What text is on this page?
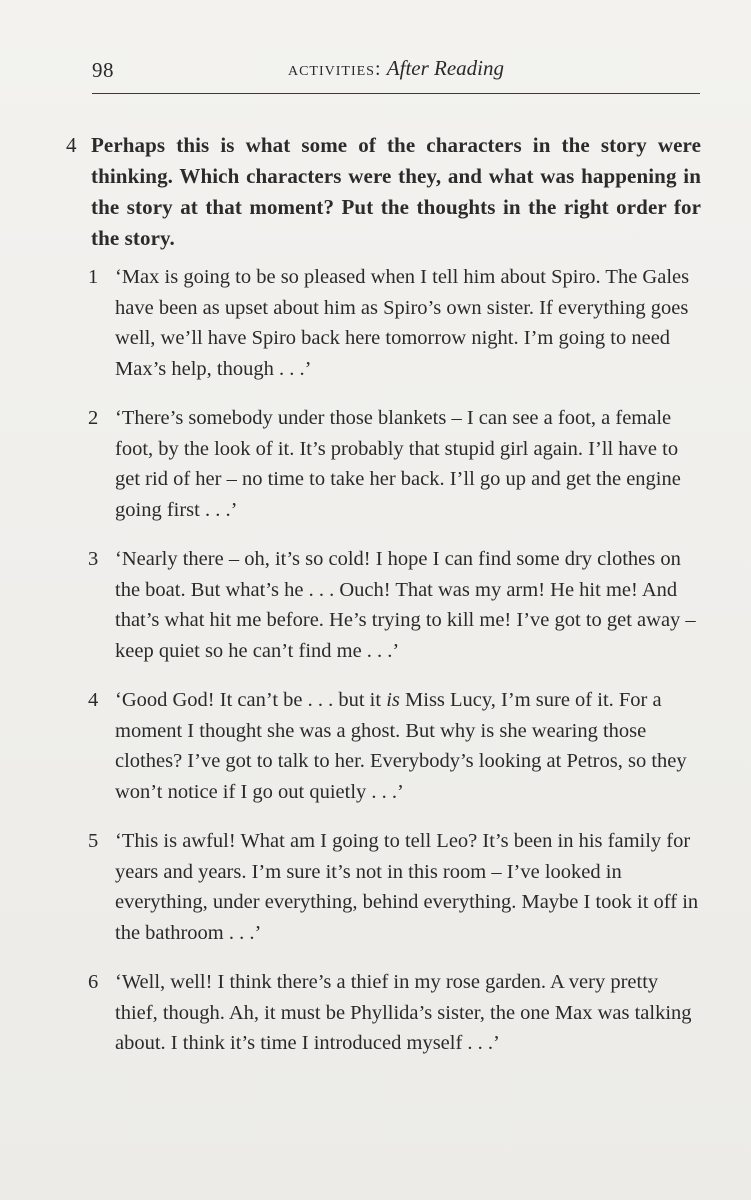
98	activities: After Reading
4 Perhaps this is what some of the characters in the story were thinking. Which characters were they, and what was happening in the story at that moment? Put the thoughts in the right order for the story.
1 ‘Max is going to be so pleased when I tell him about Spiro. The Gales have been as upset about him as Spiro’s own sister. If everything goes well, we’ll have Spiro back here tomorrow night. I’m going to need Max’s help, though . . .’
2 ‘There’s somebody under those blankets – I can see a foot, a female foot, by the look of it. It’s probably that stupid girl again. I’ll have to get rid of her – no time to take her back. I’ll go up and get the engine going first . . .’
3 ‘Nearly there – oh, it’s so cold! I hope I can find some dry clothes on the boat. But what’s he . . . Ouch! That was my arm! He hit me! And that’s what hit me before. He’s trying to kill me! I’ve got to get away – keep quiet so he can’t find me . . .’
4 ‘Good God! It can’t be . . . but it is Miss Lucy, I’m sure of it. For a moment I thought she was a ghost. But why is she wearing those clothes? I’ve got to talk to her. Everybody’s looking at Petros, so they won’t notice if I go out quietly . . .’
5 ‘This is awful! What am I going to tell Leo? It’s been in his family for years and years. I’m sure it’s not in this room – I’ve looked in everything, under everything, behind everything. Maybe I took it off in the bathroom . . .’
6 ‘Well, well! I think there’s a thief in my rose garden. A very pretty thief, though. Ah, it must be Phyllida’s sister, the one Max was talking about. I think it’s time I introduced myself . . .’
